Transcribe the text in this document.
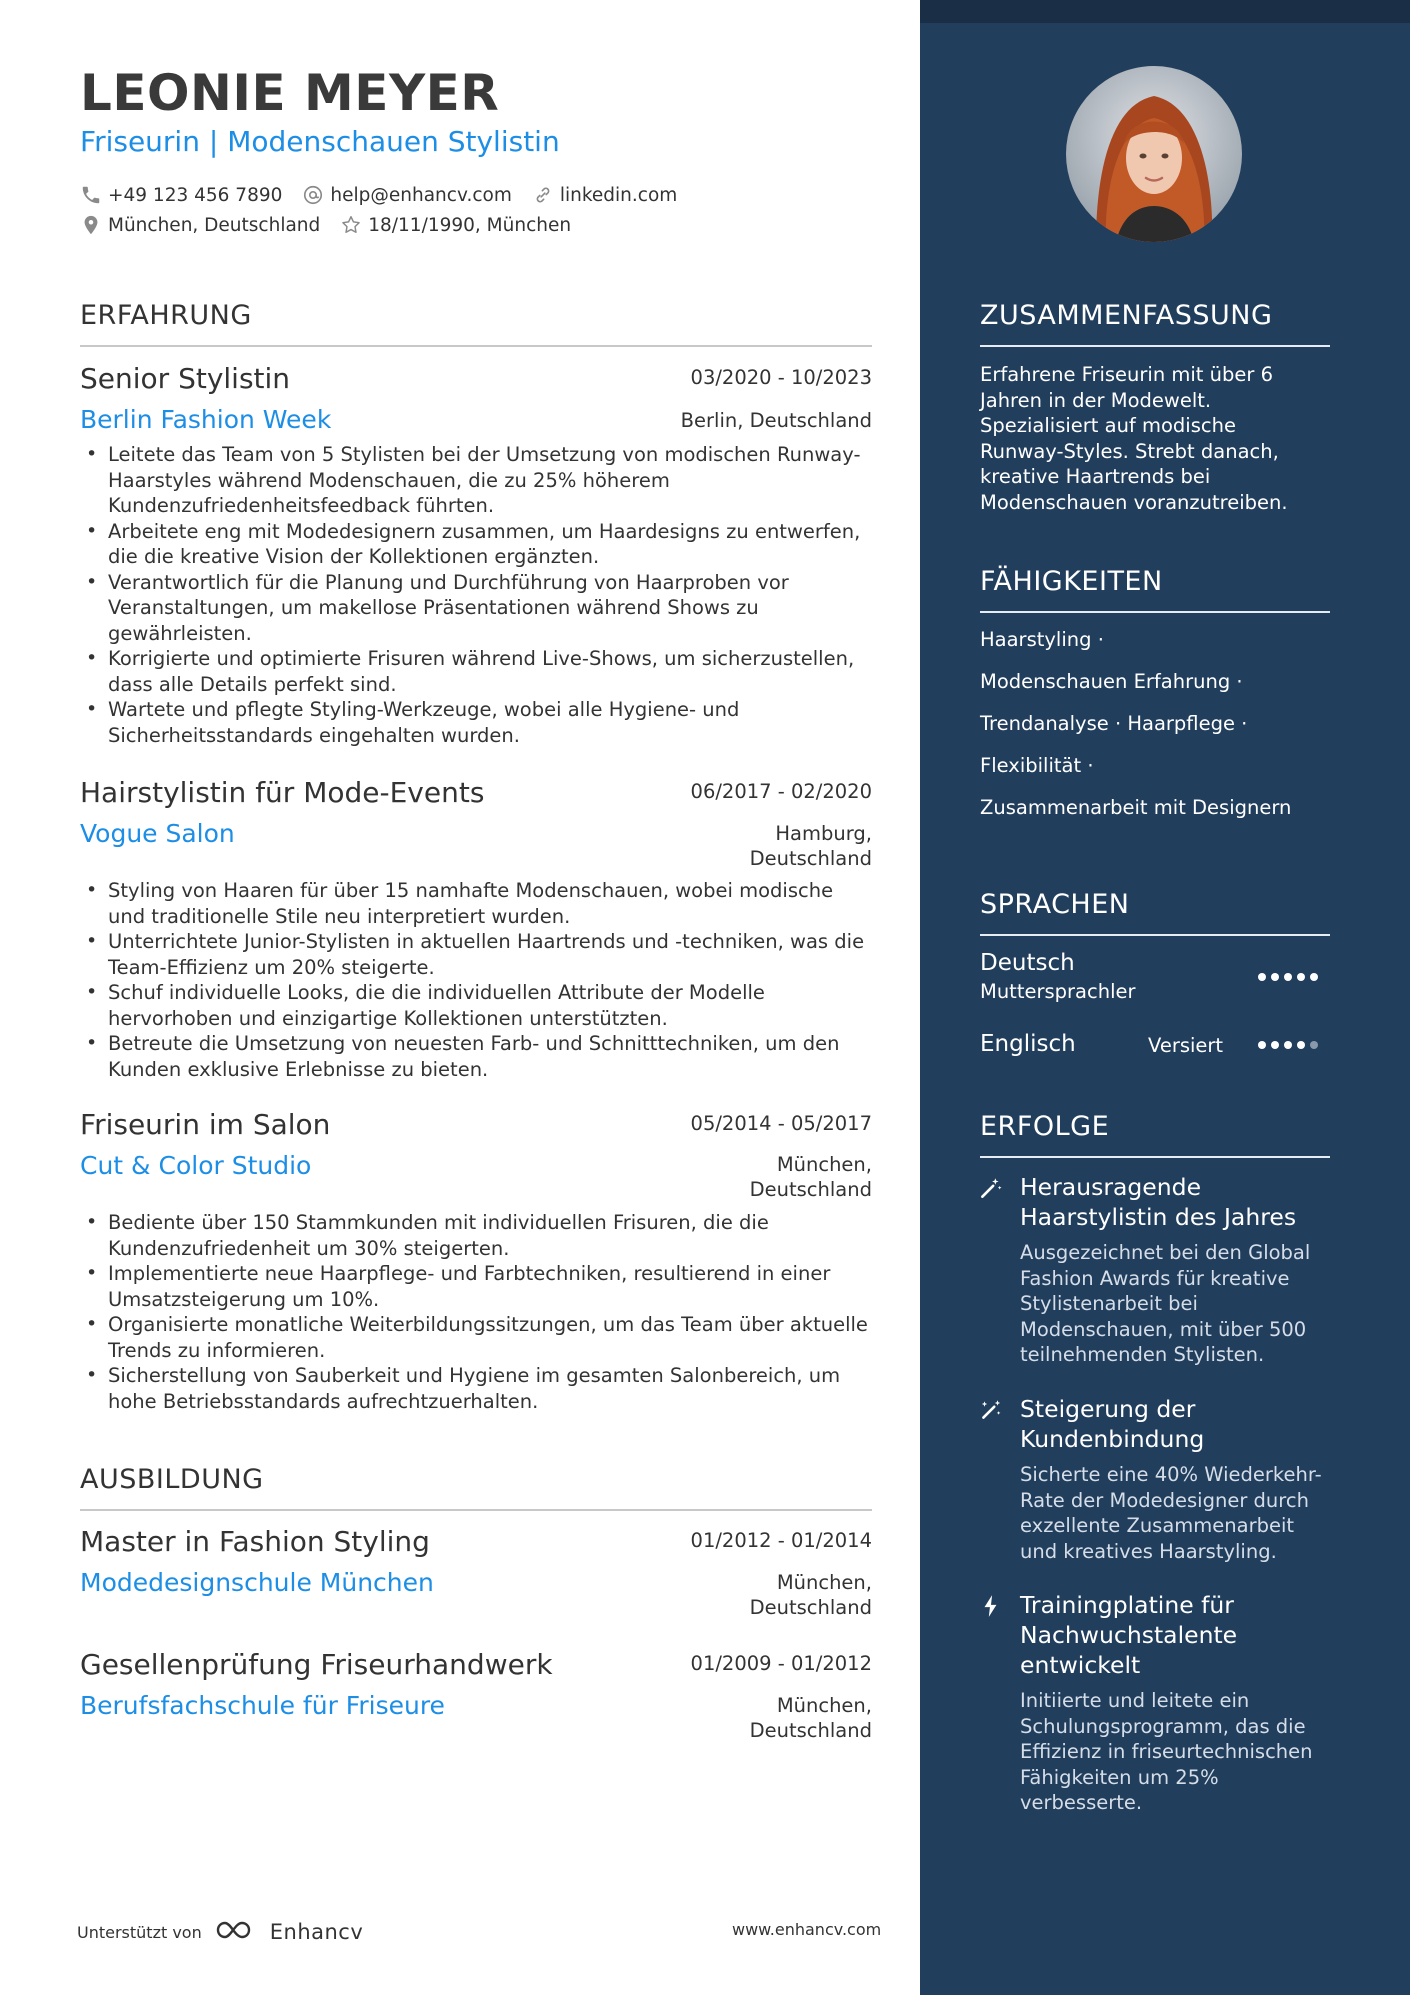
LEONIE MEYER
Friseurin | Modenschauen Stylistin
+49 123 456 7890	help@enhancv.com	linkedin.com
München, Deutschland	18/11/1990, München
ERFAHRUNG
Senior Stylistin	03/2020 - 10/2023
Berlin Fashion Week	Berlin, Deutschland
• Leitete das Team von 5 Stylisten bei der Umsetzung von modischen Runway-Haarstyles während Modenschauen, die zu 25% höherem Kundenzufriedenheitsfeedback führten.
• Arbeitete eng mit Modedesignern zusammen, um Haardesigns zu entwerfen, die die kreative Vision der Kollektionen ergänzten.
• Verantwortlich für die Planung und Durchführung von Haarproben vor Veranstaltungen, um makellose Präsentationen während Shows zu gewährleisten.
• Korrigierte und optimierte Frisuren während Live-Shows, um sicherzustellen, dass alle Details perfekt sind.
• Wartete und pflegte Styling-Werkzeuge, wobei alle Hygiene- und Sicherheitsstandards eingehalten wurden.
Hairstylistin für Mode-Events	06/2017 - 02/2020
Vogue Salon	Hamburg,
Deutschland
• Styling von Haaren für über 15 namhafte Modenschauen, wobei modische und traditionelle Stile neu interpretiert wurden.
• Unterrichtete Junior-Stylisten in aktuellen Haartrends und -techniken, was die Team-Effizienz um 20% steigerte.
• Schuf individuelle Looks, die die individuellen Attribute der Modelle hervorhoben und einzigartige Kollektionen unterstützten.
• Betreute die Umsetzung von neuesten Farb- und Schnitttechniken, um den Kunden exklusive Erlebnisse zu bieten.
Friseurin im Salon	05/2014 - 05/2017
Cut & Color Studio	München,
Deutschland
• Bediente über 150 Stammkunden mit individuellen Frisuren, die die Kundenzufriedenheit um 30% steigerten.
• Implementierte neue Haarpflege- und Farbtechniken, resultierend in einer Umsatzsteigerung um 10%.
• Organisierte monatliche Weiterbildungssitzungen, um das Team über aktuelle Trends zu informieren.
• Sicherstellung von Sauberkeit und Hygiene im gesamten Salonbereich, um hohe Betriebsstandards aufrechtzuerhalten.
AUSBILDUNG
Master in Fashion Styling	01/2012 - 01/2014
Modedesignschule München	München,
Deutschland
Gesellenprüfung Friseurhandwerk	01/2009 - 01/2012
Berufsfachschule für Friseure	München,
Deutschland
ZUSAMMENFASSUNG
Erfahrene Friseurin mit über 6 Jahren in der Modewelt. Spezialisiert auf modische Runway-Styles. Strebt danach, kreative Haartrends bei Modenschauen voranzutreiben.
FÄHIGKEITEN
Haarstyling ·
Modenschauen Erfahrung ·
Trendanalyse · Haarpflege ·
Flexibilität ·
Zusammenarbeit mit Designern
SPRACHEN
Deutsch
Muttersprachler
Englisch	Versiert
ERFOLGE
Herausragende Haarstylistin des Jahres
Ausgezeichnet bei den Global Fashion Awards für kreative Stylistenarbeit bei Modenschauen, mit über 500 teilnehmenden Stylisten.
Steigerung der Kundenbindung
Sicherte eine 40% Wiederkehr-Rate der Modedesigner durch exzellente Zusammenarbeit und kreatives Haarstyling.
Trainingplatine für Nachwuchstalente entwickelt
Initiierte und leitete ein Schulungsprogramm, das die Effizienz in friseurtechnischen Fähigkeiten um 25% verbesserte.
Unterstützt von	Enhancv	www.enhancv.com
